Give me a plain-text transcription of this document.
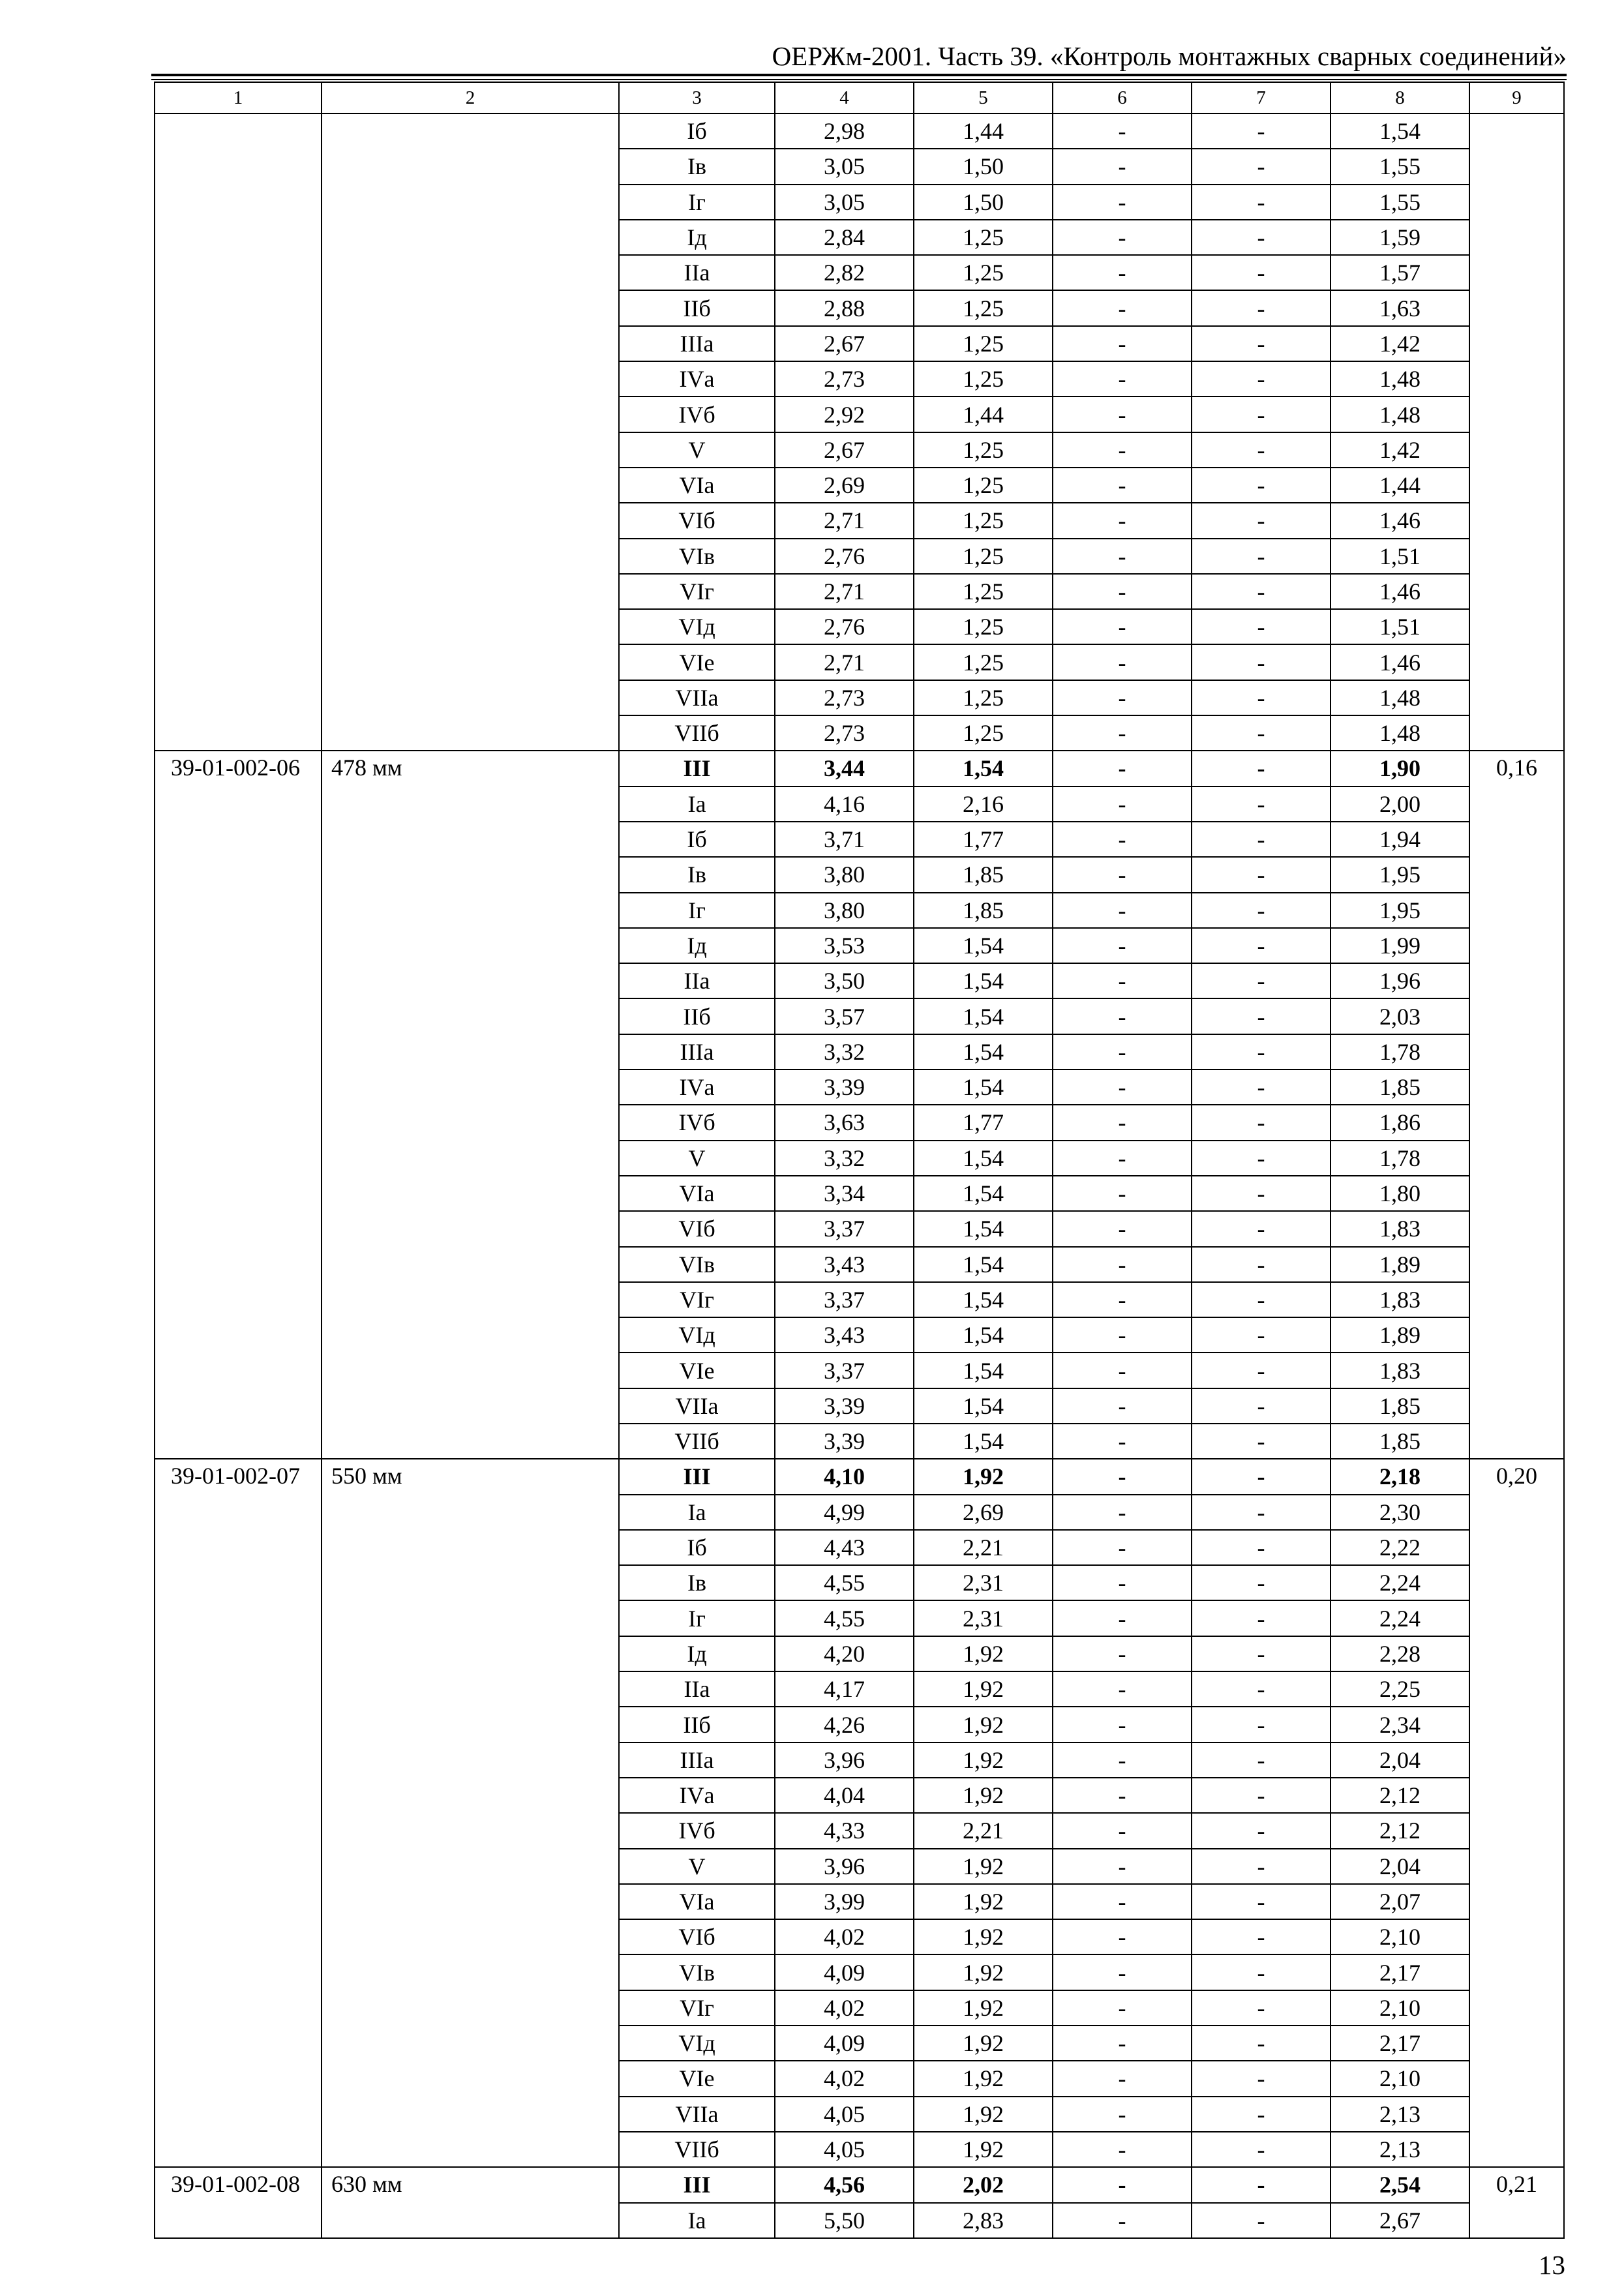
ОЕРЖм-2001. Часть 39. «Контроль монтажных сварных соединений»
1	2	3	4	5	6	7	8	9
		Iб	2,98	1,44	-	-	1,54	
		Iв	3,05	1,50	-	-	1,55	
		Iг	3,05	1,50	-	-	1,55	
		Iд	2,84	1,25	-	-	1,59	
		IIа	2,82	1,25	-	-	1,57	
		IIб	2,88	1,25	-	-	1,63	
		IIIа	2,67	1,25	-	-	1,42	
		IVа	2,73	1,25	-	-	1,48	
		IVб	2,92	1,44	-	-	1,48	
		V	2,67	1,25	-	-	1,42	
		VIа	2,69	1,25	-	-	1,44	
		VIб	2,71	1,25	-	-	1,46	
		VIв	2,76	1,25	-	-	1,51	
		VIг	2,71	1,25	-	-	1,46	
		VIд	2,76	1,25	-	-	1,51	
		VIе	2,71	1,25	-	-	1,46	
		VIIа	2,73	1,25	-	-	1,48	
		VIIб	2,73	1,25	-	-	1,48	
39-01-002-06	478 мм	III	3,44	1,54	-	-	1,90	0,16
		Iа	4,16	2,16	-	-	2,00	
		Iб	3,71	1,77	-	-	1,94	
		Iв	3,80	1,85	-	-	1,95	
		Iг	3,80	1,85	-	-	1,95	
		Iд	3,53	1,54	-	-	1,99	
		IIа	3,50	1,54	-	-	1,96	
		IIб	3,57	1,54	-	-	2,03	
		IIIа	3,32	1,54	-	-	1,78	
		IVа	3,39	1,54	-	-	1,85	
		IVб	3,63	1,77	-	-	1,86	
		V	3,32	1,54	-	-	1,78	
		VIа	3,34	1,54	-	-	1,80	
		VIб	3,37	1,54	-	-	1,83	
		VIв	3,43	1,54	-	-	1,89	
		VIг	3,37	1,54	-	-	1,83	
		VIд	3,43	1,54	-	-	1,89	
		VIе	3,37	1,54	-	-	1,83	
		VIIа	3,39	1,54	-	-	1,85	
		VIIб	3,39	1,54	-	-	1,85	
39-01-002-07	550 мм	III	4,10	1,92	-	-	2,18	0,20
		Iа	4,99	2,69	-	-	2,30	
		Iб	4,43	2,21	-	-	2,22	
		Iв	4,55	2,31	-	-	2,24	
		Iг	4,55	2,31	-	-	2,24	
		Iд	4,20	1,92	-	-	2,28	
		IIа	4,17	1,92	-	-	2,25	
		IIб	4,26	1,92	-	-	2,34	
		IIIа	3,96	1,92	-	-	2,04	
		IVа	4,04	1,92	-	-	2,12	
		IVб	4,33	2,21	-	-	2,12	
		V	3,96	1,92	-	-	2,04	
		VIа	3,99	1,92	-	-	2,07	
		VIб	4,02	1,92	-	-	2,10	
		VIв	4,09	1,92	-	-	2,17	
		VIг	4,02	1,92	-	-	2,10	
		VIд	4,09	1,92	-	-	2,17	
		VIе	4,02	1,92	-	-	2,10	
		VIIа	4,05	1,92	-	-	2,13	
		VIIб	4,05	1,92	-	-	2,13	
39-01-002-08	630 мм	III	4,56	2,02	-	-	2,54	0,21
		Iа	5,50	2,83	-	-	2,67	
13
